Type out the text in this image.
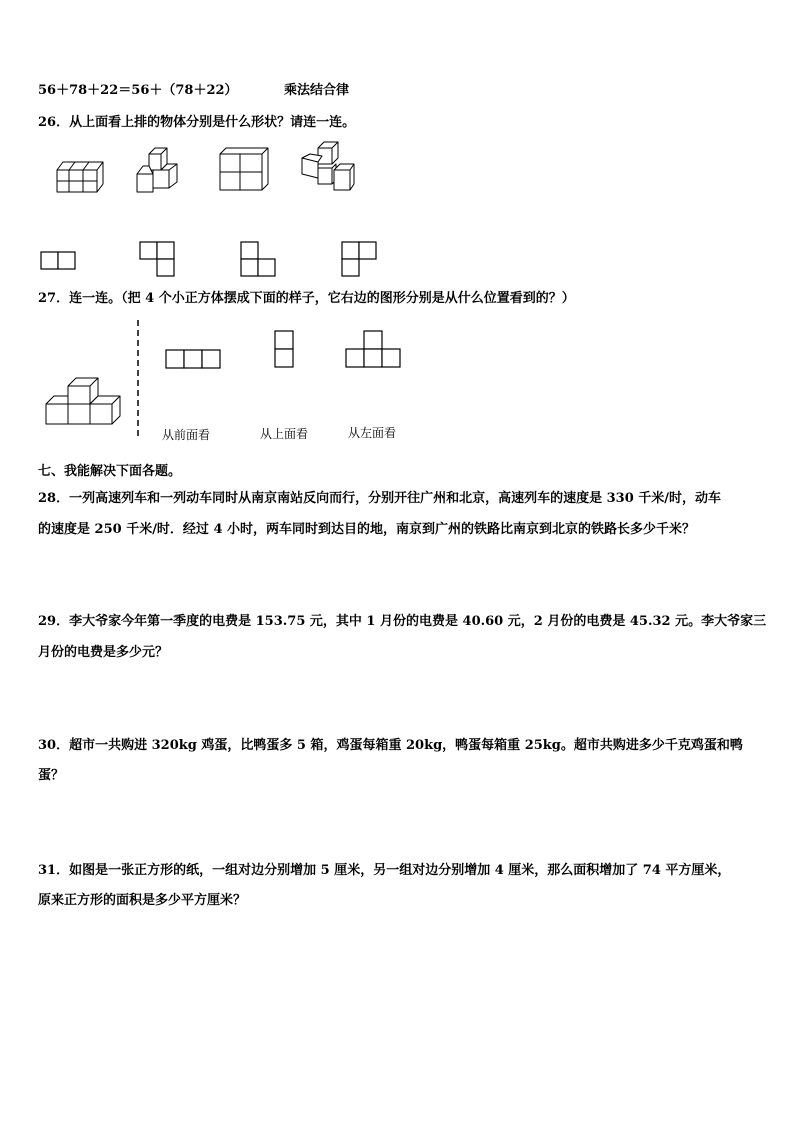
56＋78＋22＝56＋（78＋22）	乘法结合律
26．从上面看上排的物体分别是什么形状？请连一连。
27．连一连。（把 4 个小正方体摆成下面的样子，它右边的图形分别是从什么位置看到的？）
从前面看	从上面看	从左面看
七、我能解决下面各题。
28．一列高速列车和一列动车同时从南京南站反向而行，分别开往广州和北京，高速列车的速度是 330 千米/时，动车
的速度是 250 千米/时．经过 4 小时，两车同时到达目的地，南京到广州的铁路比南京到北京的铁路长多少千米？
29．李大爷家今年第一季度的电费是 153.75 元，其中 1 月份的电费是 40.60 元，2 月份的电费是 45.32 元。李大爷家三
月份的电费是多少元？
30．超市一共购进 320kg 鸡蛋，比鸭蛋多 5 箱，鸡蛋每箱重 20kg，鸭蛋每箱重 25kg。超市共购进多少千克鸡蛋和鸭
蛋？
31．如图是一张正方形的纸，一组对边分别增加 5 厘米，另一组对边分别增加 4 厘米，那么面积增加了 74 平方厘米，
原来正方形的面积是多少平方厘米？
